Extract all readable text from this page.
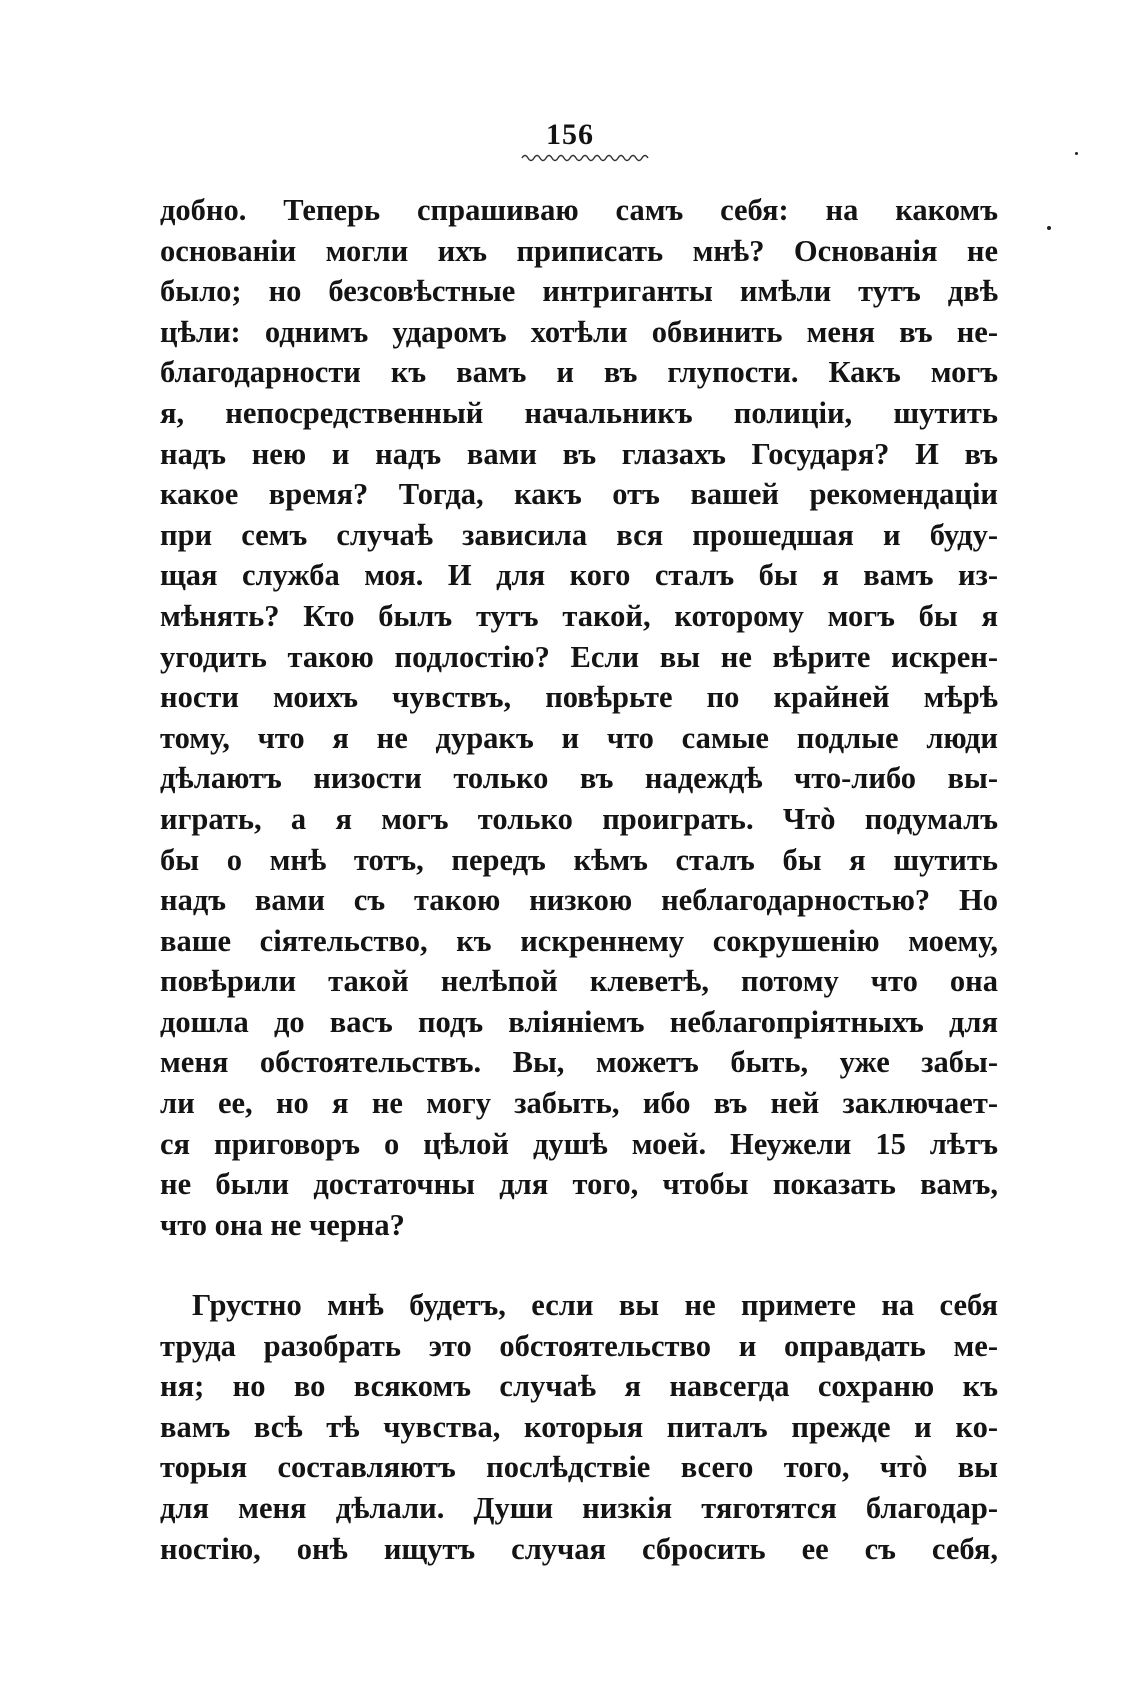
156
добно. Теперь спрашиваю самъ себя: на какомъ
основанiи могли ихъ приписать мнѣ? Основанiя не
было; но безсовѣстные интриганты имѣли тутъ двѣ
цѣли: однимъ ударомъ хотѣли обвинить меня въ не-
благодарности къ вамъ и въ глупости. Какъ могъ
я, непосредственный начальникъ полицiи, шутить
надъ нею и надъ вами въ глазахъ Государя? И въ
какое время? Тогда, какъ отъ вашей рекомендацiи
при семъ случаѣ зависила вся прошедшая и буду-
щая служба моя. И для кого сталъ бы я вамъ из-
мѣнять? Кто былъ тутъ такой, которому могъ бы я
угодить такою подлостiю? Если вы не вѣрите искрен-
ности моихъ чувствъ, повѣрьте по крайней мѣрѣ
тому, что я не дуракъ и что самые подлые люди
дѣлаютъ низости только въ надеждѣ что-либо вы-
играть, а я могъ только проиграть. Чтò подумалъ
бы о мнѣ тотъ, передъ кѣмъ сталъ бы я шутить
надъ вами съ такою низкою неблагодарностью? Но
ваше сiятельство, къ искреннему сокрушенiю моему,
повѣрили такой нелѣпой клеветѣ, потому что она
дошла до васъ подъ влiянiемъ неблагопрiятныхъ для
меня обстоятельствъ. Вы, можетъ быть, уже забы-
ли ее, но я не могу забыть, ибо въ ней заключает-
ся приговоръ о цѣлой душѣ моей. Неужели 15 лѣтъ
не были достаточны для того, чтобы показать вамъ,
что она не черна?
Грустно мнѣ будетъ, если вы не примете на себя
труда разобрать это обстоятельство и оправдать ме-
ня; но во всякомъ случаѣ я навсегда сохраню къ
вамъ всѣ тѣ чувства, которыя питалъ прежде и ко-
торыя составляютъ послѣдствiе всего того, чтò вы
для меня дѣлали. Души низкiя тяготятся благодар-
ностiю, онѣ ищутъ случая сбросить ее съ себя,
